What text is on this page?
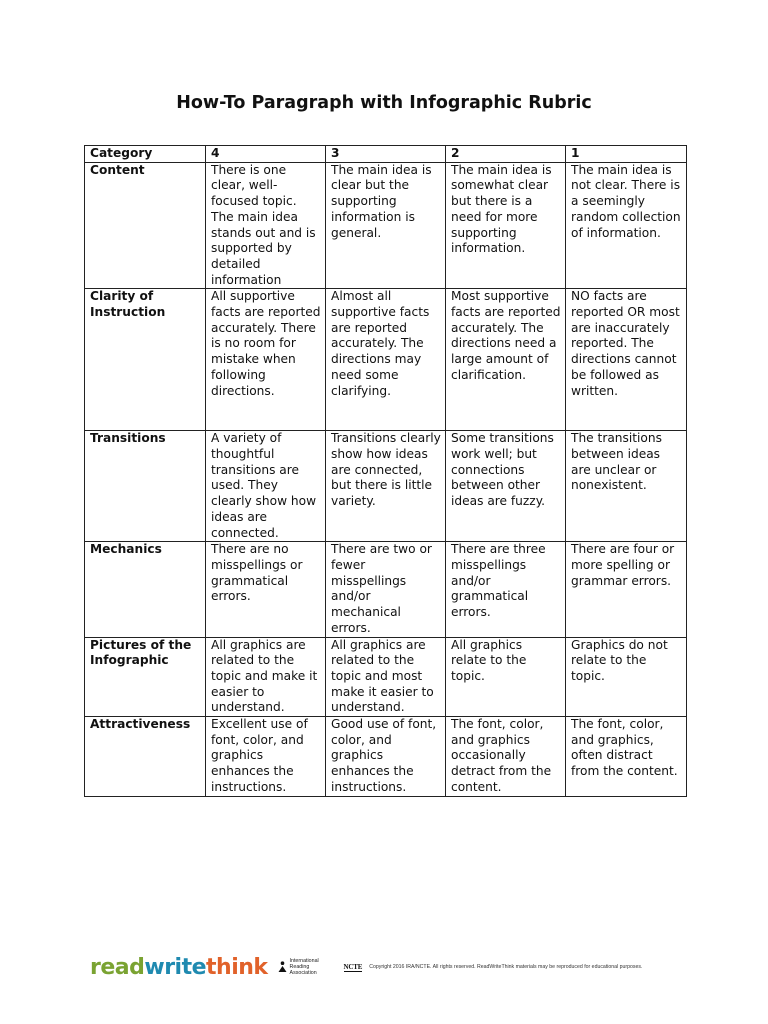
How-To Paragraph with Infographic Rubric
Category	4	3	2	1
Content	There is one clear, well-focused topic. The main idea stands out and is supported by detailed information	The main idea is clear but the supporting information is general.	The main idea is somewhat clear but there is a need for more supporting information.	The main idea is not clear. There is a seemingly random collection of information.
Clarity of Instruction	All supportive facts are reported accurately. There is no room for mistake when following directions.	Almost all supportive facts are reported accurately. The directions may need some clarifying.	Most supportive facts are reported accurately. The directions need a large amount of clarification.	NO facts are reported OR most are inaccurately reported. The directions cannot be followed as written.
Transitions	A variety of thoughtful transitions are used. They clearly show how ideas are connected.	Transitions clearly show how ideas are connected, but there is little variety.	Some transitions work well; but connections between other ideas are fuzzy.	The transitions between ideas are unclear or nonexistent.
Mechanics	There are no misspellings or grammatical errors.	There are two or fewer misspellings and/or mechanical errors.	There are three misspellings and/or grammatical errors.	There are four or more spelling or grammar errors.
Pictures of the Infographic	All graphics are related to the topic and make it easier to understand.	All graphics are related to the topic and most make it easier to understand.	All graphics relate to the topic.	Graphics do not relate to the topic.
Attractiveness	Excellent use of font, color, and graphics enhances the instructions.	Good use of font, color, and graphics enhances the instructions.	The font, color, and graphics occasionally detract from the content.	The font, color, and graphics, often distract from the content.
readwritethink	International Reading Association
NCTE Copyright 2016 IRA/NCTE. All rights reserved. ReadWriteThink materials may be reproduced for educational purposes.
